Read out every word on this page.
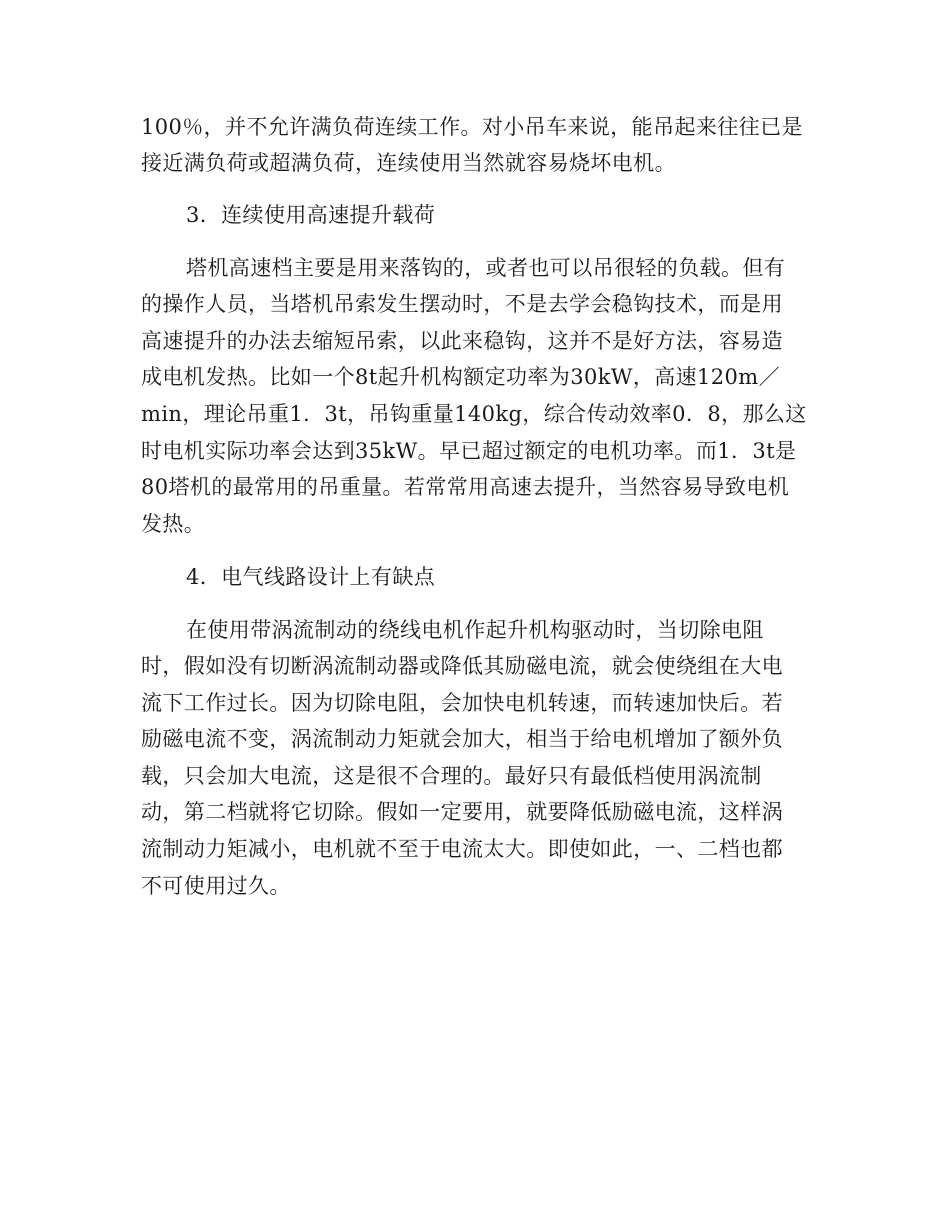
100％，并不允许满负荷连续工作。对小吊车来说，能吊起来往往已是
接近满负荷或超满负荷，连续使用当然就容易烧坏电机。
3．连续使用高速提升载荷
塔机高速档主要是用来落钩的，或者也可以吊很轻的负载。但有
的操作人员，当塔机吊索发生摆动时，不是去学会稳钩技术，而是用
高速提升的办法去缩短吊索，以此来稳钩，这并不是好方法，容易造
成电机发热。比如一个8t起升机构额定功率为30kW，高速120m／
min，理论吊重1．3t，吊钩重量140kg，综合传动效率0．8，那么这
时电机实际功率会达到35kW。早已超过额定的电机功率。而1．3t是
80塔机的最常用的吊重量。若常常用高速去提升，当然容易导致电机
发热。
4．电气线路设计上有缺点
在使用带涡流制动的绕线电机作起升机构驱动时，当切除电阻
时，假如没有切断涡流制动器或降低其励磁电流，就会使绕组在大电
流下工作过长。因为切除电阻，会加快电机转速，而转速加快后。若
励磁电流不变，涡流制动力矩就会加大，相当于给电机增加了额外负
载，只会加大电流，这是很不合理的。最好只有最低档使用涡流制
动，第二档就将它切除。假如一定要用，就要降低励磁电流，这样涡
流制动力矩减小，电机就不至于电流太大。即使如此，一、二档也都
不可使用过久。
